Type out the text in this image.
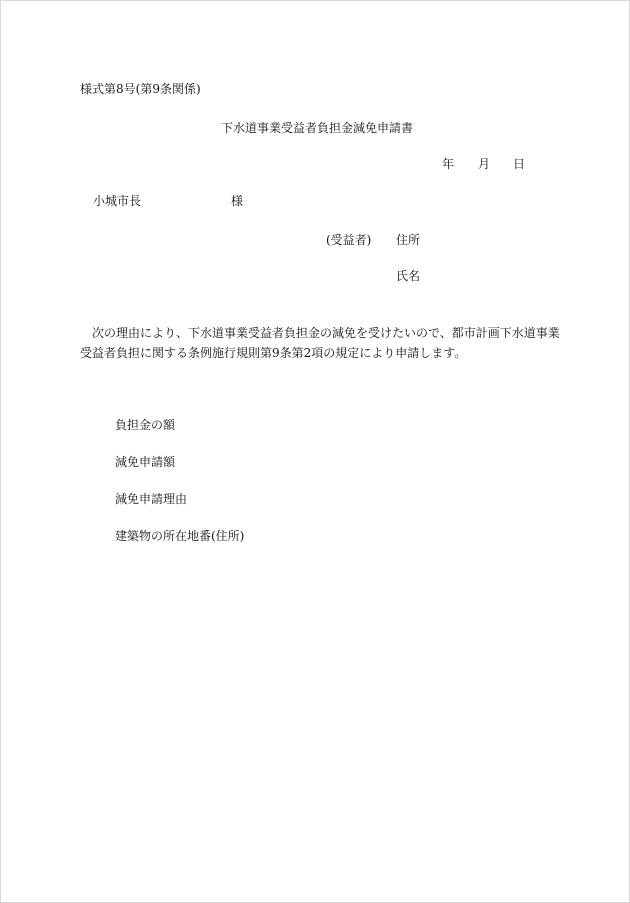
様式第8号(第9条関係)
下水道事業受益者負担金減免申請書
年 月 日
小城市長	様
(受益者) 住所
氏名

　次の理由により、下水道事業受益者負担金の減免を受けたいので、都市計画下水道事業

受益者負担に関する条例施行規則第9条第2項の規定により申請します。

負担金の額
減免申請額
減免申請理由
建築物の所在地番(住所)
